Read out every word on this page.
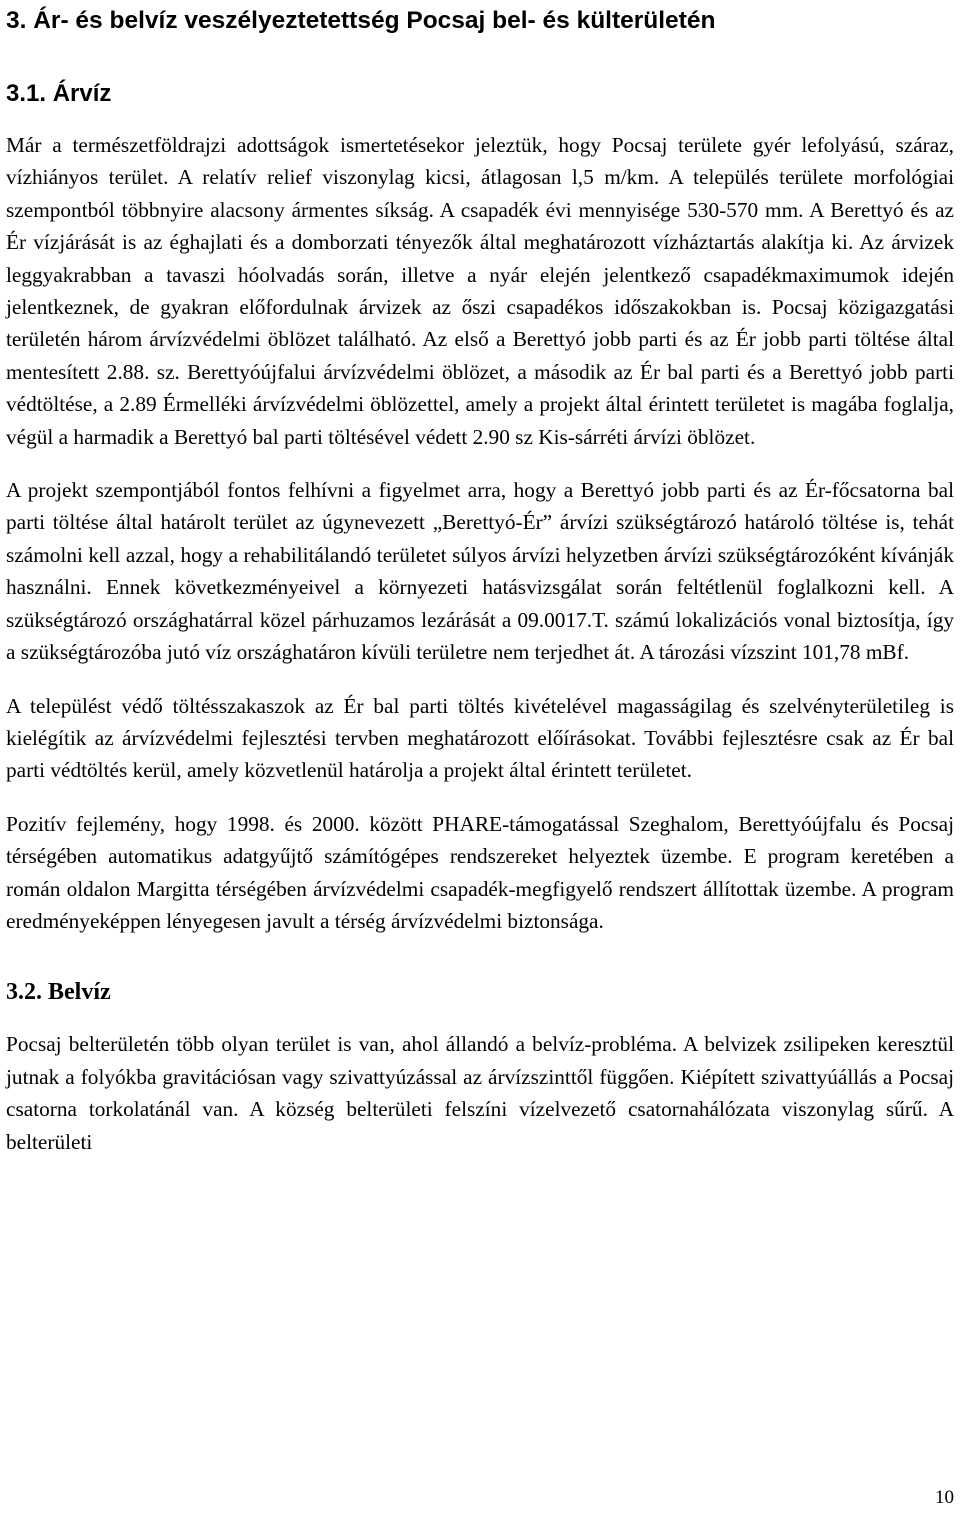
3. Ár- és belvíz veszélyeztetettség Pocsaj bel- és külterületén
3.1. Árvíz

Már a természetföldrajzi adottságok ismertetésekor jeleztük, hogy Pocsaj területe gyér lefolyású, száraz, vízhiányos terület. A relatív relief viszonylag kicsi, átlagosan l,5 m/km. A település területe morfológiai szempontból többnyire alacsony ármentes síkság. A csapadék évi mennyisége 530-570 mm. A Berettyó és az Ér vízjárását is az éghajlati és a domborzati tényezők által meghatározott vízháztartás alakítja ki. Az árvizek leggyakrabban a tavaszi hóolvadás során, illetve a nyár elején jelentkező csapadékmaximumok idején jelentkeznek, de gyakran előfordulnak árvizek az őszi csapadékos időszakokban is. Pocsaj közigazgatási területén három árvízvédelmi öblözet található. Az első a Berettyó jobb parti és az Ér jobb parti töltése által mentesített 2.88. sz. Berettyóújfalui árvízvédelmi öblözet, a második az Ér bal parti és a Berettyó jobb parti védtöltése, a 2.89 Érmelléki árvízvédelmi öblözettel, amely a projekt által érintett területet is magába foglalja, végül a harmadik a Berettyó bal parti töltésével védett 2.90 sz Kis-sárréti árvízi öblözet.

A projekt szempontjából fontos felhívni a figyelmet arra, hogy a Berettyó jobb parti és az Ér-főcsatorna bal parti töltése által határolt terület az úgynevezett „Berettyó-Ér” árvízi szükségtározó határoló töltése is, tehát számolni kell azzal, hogy a rehabilitálandó területet súlyos árvízi helyzetben árvízi szükségtározóként kívánják használni. Ennek következményeivel a környezeti hatásvizsgálat során feltétlenül foglalkozni kell. A szükségtározó országhatárral közel párhuzamos lezárását a 09.0017.T. számú lokalizációs vonal biztosítja, így a szükségtározóba jutó víz országhatáron kívüli területre nem terjedhet át. A tározási vízszint 101,78 mBf.

A települést védő töltésszakaszok az Ér bal parti töltés kivételével magasságilag és szelvényterületileg is kielégítik az árvízvédelmi fejlesztési tervben meghatározott előírásokat. További fejlesztésre csak az Ér bal parti védtöltés kerül, amely közvetlenül határolja a projekt által érintett területet.

Pozitív fejlemény, hogy 1998. és 2000. között PHARE-támogatással Szeghalom, Berettyóújfalu és Pocsaj térségében automatikus adatgyűjtő számítógépes rendszereket helyeztek üzembe. E program keretében a román oldalon Margitta térségében árvízvédelmi csapadék-megfigyelő rendszert állítottak üzembe. A program eredményeképpen lényegesen javult a térség árvízvédelmi biztonsága.

3.2. Belvíz

Pocsaj belterületén több olyan terület is van, ahol állandó a belvíz-probléma. A belvizek zsilipeken keresztül jutnak a folyókba gravitációsan vagy szivattyúzással az árvízszinttől függően. Kiépített szivattyúállás a Pocsaj csatorna torkolatánál van. A község belterületi felszíni vízelvezető csatornahálózata viszonylag sűrű. A belterületi

10
